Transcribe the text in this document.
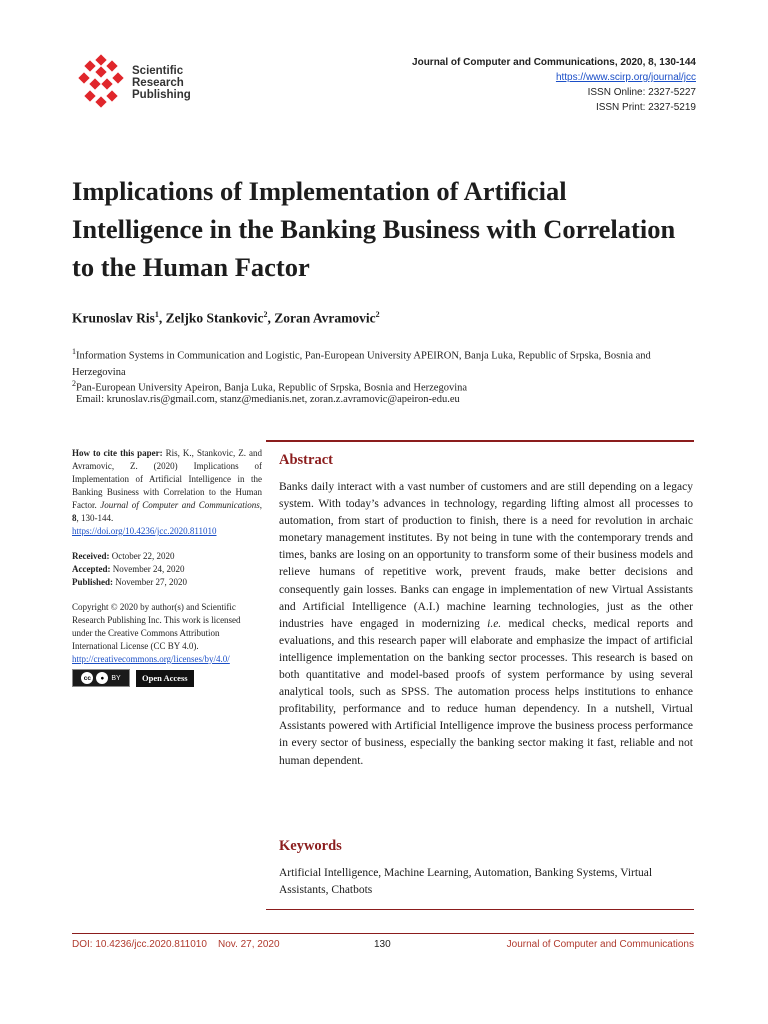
Scientific
Research
Publishing
Journal of Computer and Communications, 2020, 8, 130-144
https://www.scirp.org/journal/jcc
ISSN Online: 2327-5227
ISSN Print: 2327-5219
Implications of Implementation of Artificial Intelligence in the Banking Business with Correlation to the Human Factor
Krunoslav Ris$^1$, Zeljko Stankovic$^2$, Zoran Avramovic$^2$
$^1$Information Systems in Communication and Logistic, Pan-European University APEIRON, Banja Luka, Republic of Srpska, Bosnia and Herzegovina
$^2$Pan-European University Apeiron, Banja Luka, Republic of Srpska, Bosnia and Herzegovina
Email: krunoslav.ris@gmail.com, stanz@medianis.net, zoran.z.avramovic@apeiron-edu.eu
How to cite this paper: Ris, K., Stankovic, Z. and Avramovic, Z. (2020) Implications of Implementation of Artificial Intelligence in the Banking Business with Correlation to the Human Factor. Journal of Computer and Communications, 8, 130-144.
https://doi.org/10.4236/jcc.2020.811010
Received: October 22, 2020
Accepted: November 24, 2020
Published: November 27, 2020
Copyright © 2020 by author(s) and Scientific Research Publishing Inc. This work is licensed under the Creative Commons Attribution International License (CC BY 4.0).
http://creativecommons.org/licenses/by/4.0/
cc	●	BY	Open Access
Abstract

Banks daily interact with a vast number of customers and are still depending on a legacy system. With today’s advances in technology, regarding lifting almost all processes to automation, from start of production to finish, there is a need for revolution in archaic monetary management institutes. By not being in tune with the contemporary trends and times, banks are losing on an opportunity to transform some of their business models and relieve humans of repetitive work, prevent frauds, make better decisions and consequently gain losses. Banks can engage in implementation of new Virtual Assistants and Artificial Intelligence (A.I.) machine learning technologies, just as the other industries have engaged in modernizing i.e. medical checks, medical reports and evaluations, and this research paper will elaborate and emphasize the impact of artificial intelligence implementation on the banking sector processes. This research is based on both quantitative and model-based proofs of system performance by using several analytical tools, such as SPSS. The automation process helps institutions to enhance profitability, performance and to reduce human dependency. In a nutshell, Virtual Assistants powered with Artificial Intelligence improve the business process performance in every sector of business, especially the banking sector making it fast, reliable and not human dependent.

Keywords

Artificial Intelligence, Machine Learning, Automation, Banking Systems, Virtual Assistants, Chatbots

DOI: 10.4236/jcc.2020.811010    Nov. 27, 2020	130	Journal of Computer and Communications
